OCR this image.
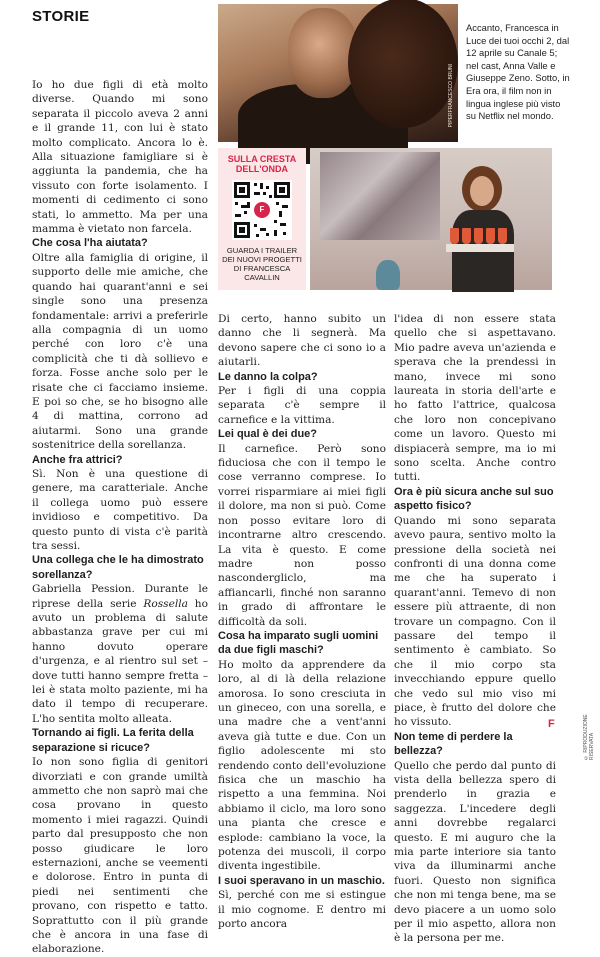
STORIE
PIPERFRANCESCO BRUNI
Accanto, Francesca in Luce dei tuoi occhi 2, dal 12 aprile su Canale 5; nel cast, Anna Valle e Giuseppe Zeno. Sotto, in Era ora, il film non in lingua inglese più visto su Netflix nel mondo.
SULLA CRESTA
DELL'ONDA
F
GUARDA I TRAILER DEI NUOVI PROGETTI DI FRANCESCA CAVALLIN

Io ho due figli di età molto diverse. Quando mi sono separata il piccolo aveva 2 anni e il grande 11, con lui è stato molto complicato. Ancora lo è. Alla situazione famigliare si è aggiunta la pandemia, che ha vissuto con forte isolamento. I momenti di cedimento ci sono stati, lo ammetto. Ma per una mamma è vietato non farcela.

Che cosa l'ha aiutata?

Oltre alla famiglia di origine, il supporto delle mie amiche, che quando hai quarant'anni e sei single sono una presenza fondamentale: arrivi a preferirle alla compagnia di un uomo perché con loro c'è una complicità che ti dà sollievo e forza. Fosse anche solo per le risate che ci facciamo insieme. E poi so che, se ho bisogno alle 4 di mattina, corrono ad aiutarmi. Sono una grande sostenitrice della sorellanza.

Anche fra attrici?

Sì. Non è una questione di genere, ma caratteriale. Anche il collega uomo può essere invidioso e competitivo. Da questo punto di vista c'è parità tra sessi.

Una collega che le ha dimostrato sorellanza?

Gabriella Pession. Durante le riprese della serie Rossella ho avuto un problema di salute abbastanza grave per cui mi hanno dovuto operare d'urgenza, e al rientro sul set – dove tutti hanno sempre fretta – lei è stata molto paziente, mi ha dato il tempo di recuperare. L'ho sentita molto alleata.

Tornando ai figli. La ferita della separazione si ricuce?

Io non sono figlia di genitori divorziati e con grande umiltà ammetto che non saprò mai che cosa provano in questo momento i miei ragazzi. Quindi parto dal presupposto che non posso giudicare le loro esternazioni, anche se veementi e dolorose. Entro in punta di piedi nei sentimenti che provano, con rispetto e tatto. Soprattutto con il più grande che è ancora in una fase di elaborazione.

Di certo, hanno subito un danno che li segnerà. Ma devono sapere che ci sono io a aiutarli.

Le danno la colpa?

Per i figli di una coppia separata c'è sempre il carnefice e la vittima.

Lei qual è dei due?

Il carnefice. Però sono fiduciosa che con il tempo le cose verranno comprese. Io vorrei risparmiare ai miei figli il dolore, ma non si può. Come non posso evitare loro di incontrarne altro crescendo. La vita è questo. E come madre non posso nascondergliclo, ma affiancarli, finché non saranno in grado di affrontare le difficoltà da soli.

Cosa ha imparato sugli uomini da due figli maschi?

Ho molto da apprendere da loro, al di là della relazione amorosa. Io sono cresciuta in un gineceo, con una sorella, e una madre che a vent'anni aveva già tutte e due. Con un figlio adolescente mi sto rendendo conto dell'evoluzione fisica che un maschio ha rispetto a una femmina. Noi abbiamo il ciclo, ma loro sono una pianta che cresce e esplode: cambiano la voce, la potenza dei muscoli, il corpo diventa ingestibile.

I suoi speravano in un maschio.

Sì, perché con me si estingue il mio cognome. E dentro mi porto ancora

l'idea di non essere stata quello che si aspettavano. Mio padre aveva un'azienda e sperava che la prendessi in mano, invece mi sono laureata in storia dell'arte e ho fatto l'attrice, qualcosa che loro non concepivano come un lavoro. Questo mi dispiacerà sempre, ma io mi sono scelta. Anche contro tutti.

Ora è più sicura anche sul suo aspetto fisico?

Quando mi sono separata avevo paura, sentivo molto la pressione della società nei confronti di una donna come me che ha superato i quarant'anni. Temevo di non essere più attraente, di non trovare un compagno. Con il passare del tempo il sentimento è cambiato. So che il mio corpo sta invecchiando eppure quello che vedo sul mio viso mi piace, è frutto del dolore che ho vissuto.

Non teme di perdere la bellezza?

Quello che perdo dal punto di vista della bellezza spero di prenderlo in grazia e saggezza. L'incedere degli anni dovrebbe regalarci questo. E mi auguro che la mia parte interiore sia tanto viva da illuminarmi anche fuori. Questo non significa che non mi tenga bene, ma se devo piacere a un uomo solo per il mio aspetto, allora non è la persona per me.

F	© RIPRODUZIONE RISERVATA
